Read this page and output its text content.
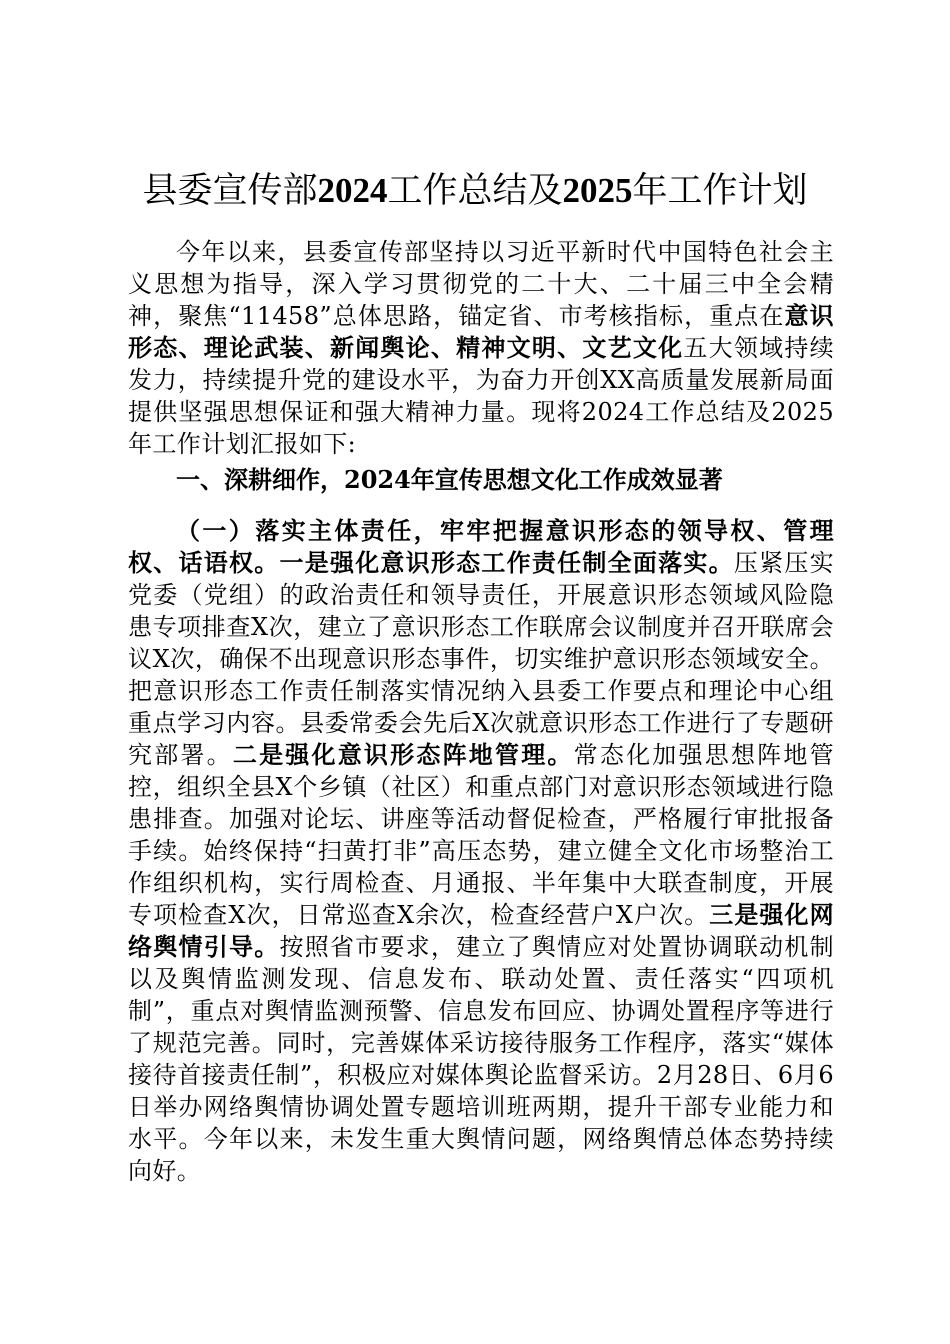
县委宣传部2024工作总结及2025年工作计划

今年以来，县委宣传部坚持以习近平新时代中国特色社会主义思想为指导，深入学习贯彻党的二十大、二十届三中全会精神，聚焦“11458”总体思路，锚定省、市考核指标，重点在意识形态、理论武装、新闻舆论、精神文明、文艺文化五大领域持续发力，持续提升党的建设水平，为奋力开创XX高质量发展新局面提供坚强思想保证和强大精神力量。现将2024工作总结及2025年工作计划汇报如下:

一、深耕细作，2024年宣传思想文化工作成效显著

（一）落实主体责任，牢牢把握意识形态的领导权、管理权、话语权。一是强化意识形态工作责任制全面落实。压紧压实党委（党组）的政治责任和领导责任，开展意识形态领域风险隐患专项排查X次，建立了意识形态工作联席会议制度并召开联席会议X次，确保不出现意识形态事件，切实维护意识形态领域安全。把意识形态工作责任制落实情况纳入县委工作要点和理论中心组重点学习内容。县委常委会先后X次就意识形态工作进行了专题研究部署。二是强化意识形态阵地管理。常态化加强思想阵地管控，组织全县X个乡镇（社区）和重点部门对意识形态领域进行隐患排查。加强对论坛、讲座等活动督促检查，严格履行审批报备手续。始终保持“扫黄打非”高压态势，建立健全文化市场整治工作组织机构，实行周检查、月通报、半年集中大联查制度，开展专项检查X次，日常巡查X余次，检查经营户X户次。三是强化网络舆情引导。按照省市要求，建立了舆情应对处置协调联动机制以及舆情监测发现、信息发布、联动处置、责任落实“四项机制”，重点对舆情监测预警、信息发布回应、协调处置程序等进行了规范完善。同时，完善媒体采访接待服务工作程序，落实“媒体接待首接责任制”，积极应对媒体舆论监督采访。2月28日、6月6日举办网络舆情协调处置专题培训班两期，提升干部专业能力和水平。今年以来，未发生重大舆情问题，网络舆情总体态势持续向好。
